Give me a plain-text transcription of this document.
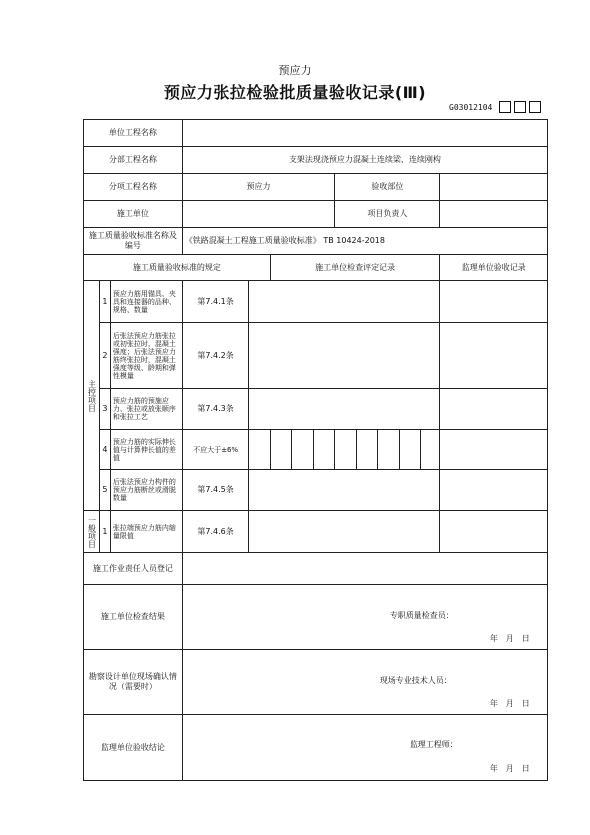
预应力
预应力张拉检验批质量验收记录(Ⅲ)
G03012104
单位工程名称													
分部工程名称			支架法现浇预应力混凝土连续梁、连续刚构										
分项工程名称			预应力					验收部位					
施工单位								项目负责人					
施工质量验收标准名称及编号			《铁路混凝土工程施工质量验收标准》 TB 10424-2018										
施工质量验收标准的规定					施工单位检查评定记录								监理单位验收记录
主控项目	1	预应力筋用锚具、夹具和连接器的品种、规格、数量	第7.4.1条										
	2	后张法预应力筋张拉或初张拉时，混凝土强度；后张法预应力筋终张拉时，混凝土强度等级、龄期和弹性模量	第7.4.2条										
	3	预应力筋的预施应力、张拉或放张顺序和张拉工艺	第7.4.3条										
	4	预应力筋的实际伸长值与计算伸长值的差值	不应大于±6%										
	5	后张法预应力构件的预应力筋断丝或滑脱数量	第7.4.5条										
一般项目	1	张拉端预应力筋内缩量限值	第7.4.6条										
施工作业责任人员登记													
施工单位检查结果			专职质量检查员：
年　月　日										

勘察设计单位现场确认情况（需要时）			现场专业技术人员：
年　月　日										

监理单位验收结论			监理工程师：
年　月　日										
